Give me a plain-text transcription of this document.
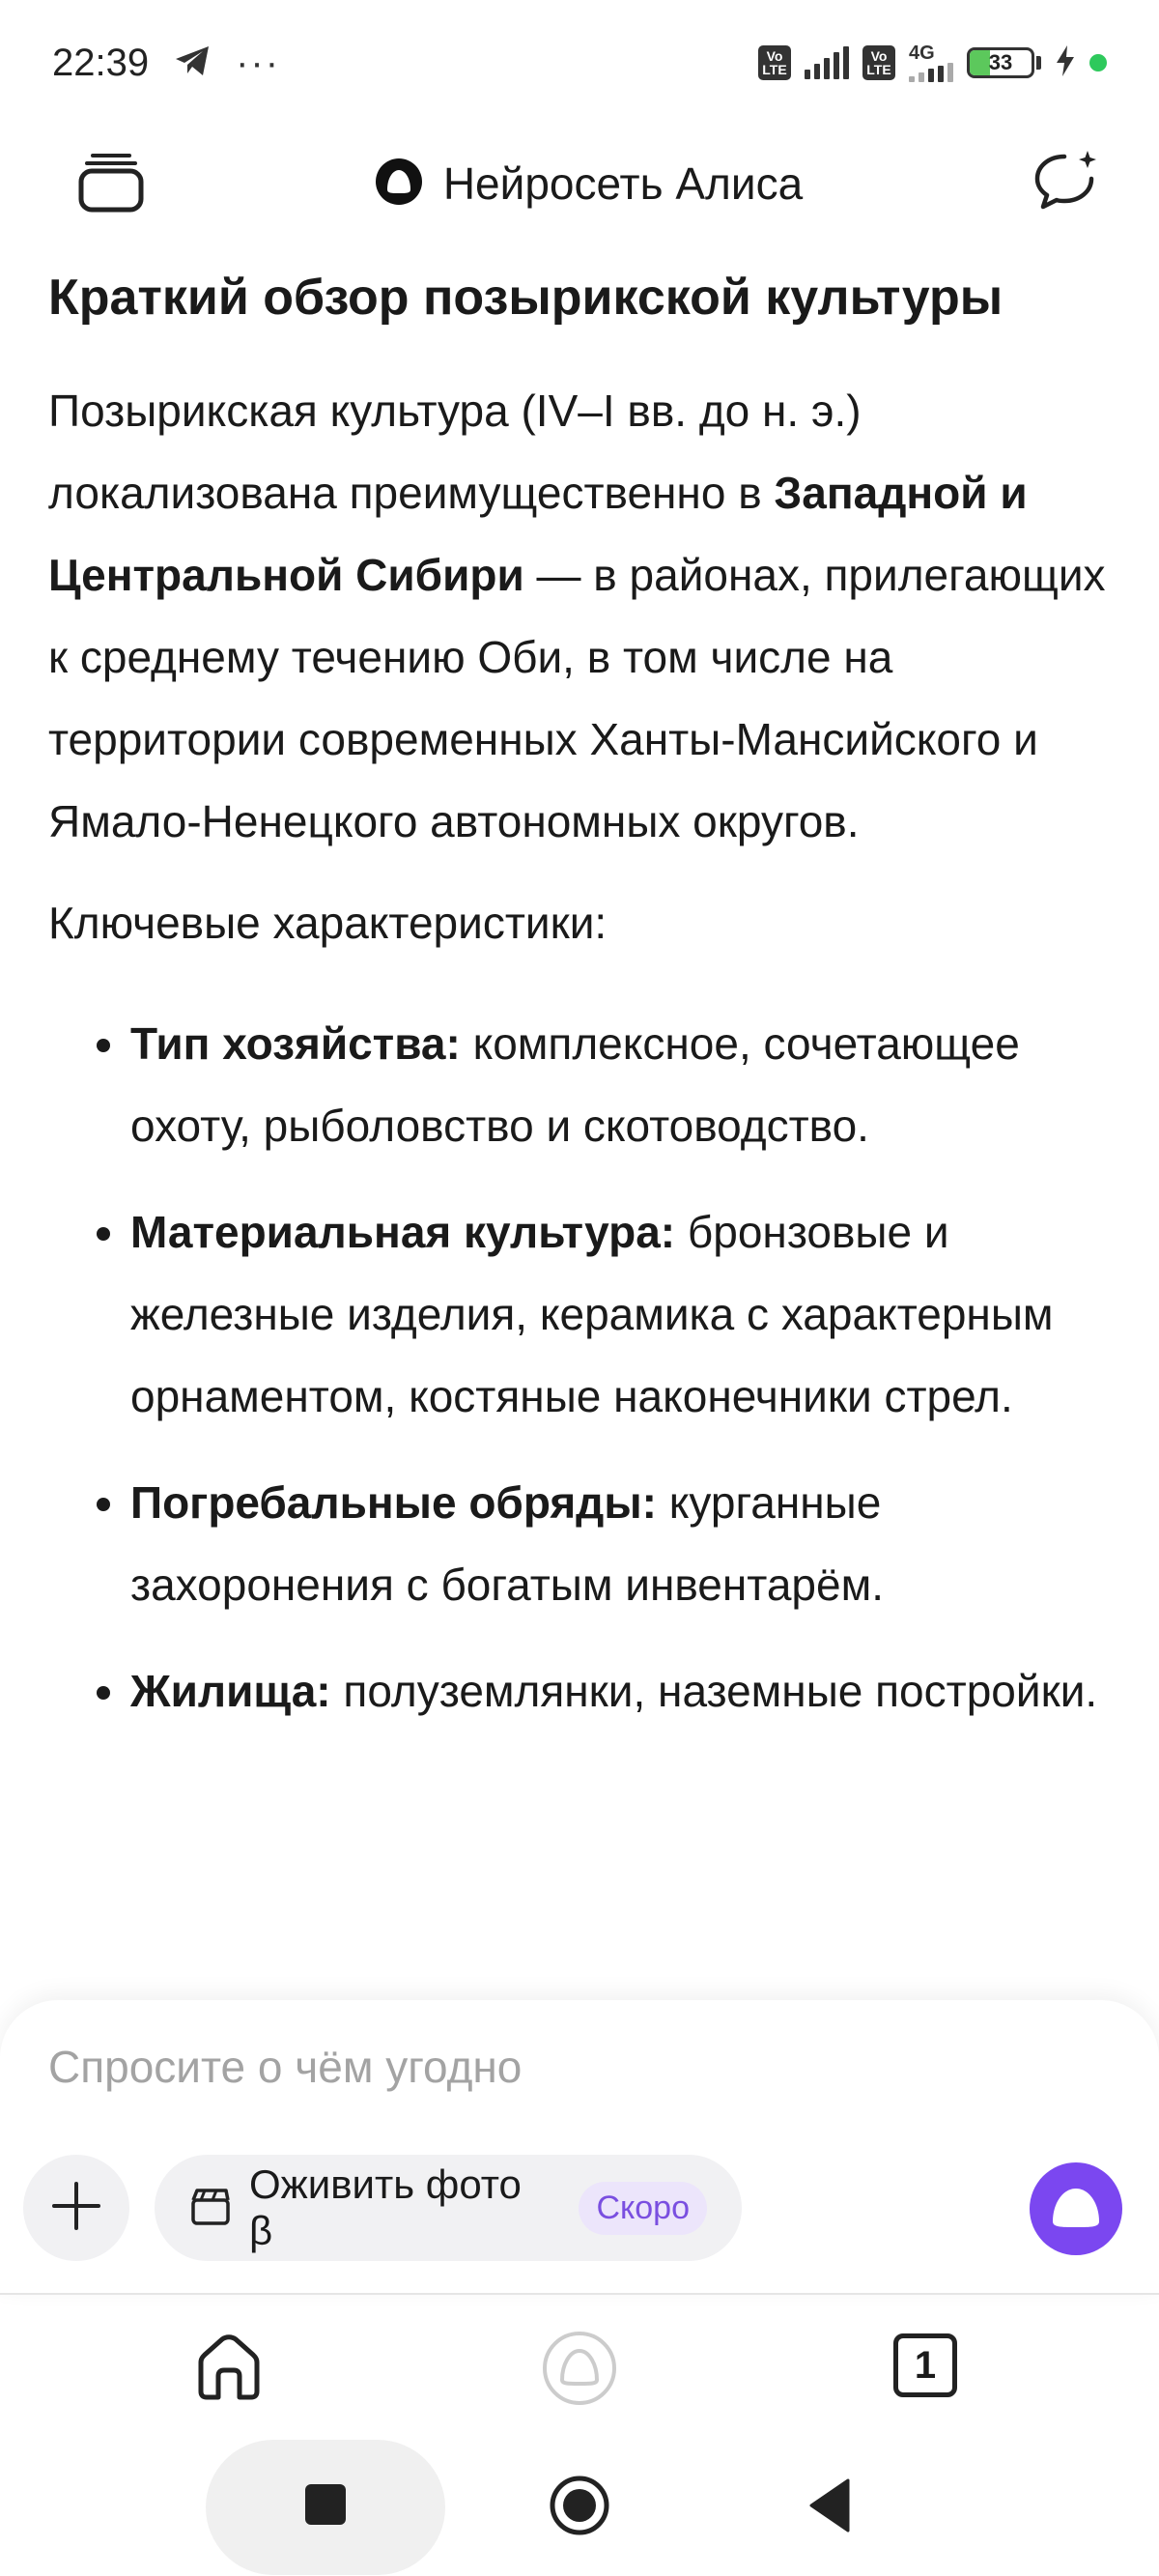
22:39 ···	Vo
LTE
Vo
LTE
4G	33
Нейросеть Алиса
Краткий обзор позырикской культуры

Позырикская культура (IV–I вв. до н. э.) локализована преимущественно в Западной и Центральной Сибири — в районах, прилегающих к среднему течению Оби, в том числе на территории современных Ханты-Мансийского и Ямало-Ненецкого автономных округов.

Ключевые характеристики:

• Тип хозяйства: комплексное, сочетающее охоту, рыболовство и скотоводство.
• Материальная культура: бронзовые и железные изделия, керамика с характерным орнаментом, костяные наконечники стрел.
• Погребальные обряды: курганные захоронения с богатым инвентарём.
• Жилища: полуземлянки, наземные постройки.
Спросите о чём угодно
Оживить фото β
Скоро
1
